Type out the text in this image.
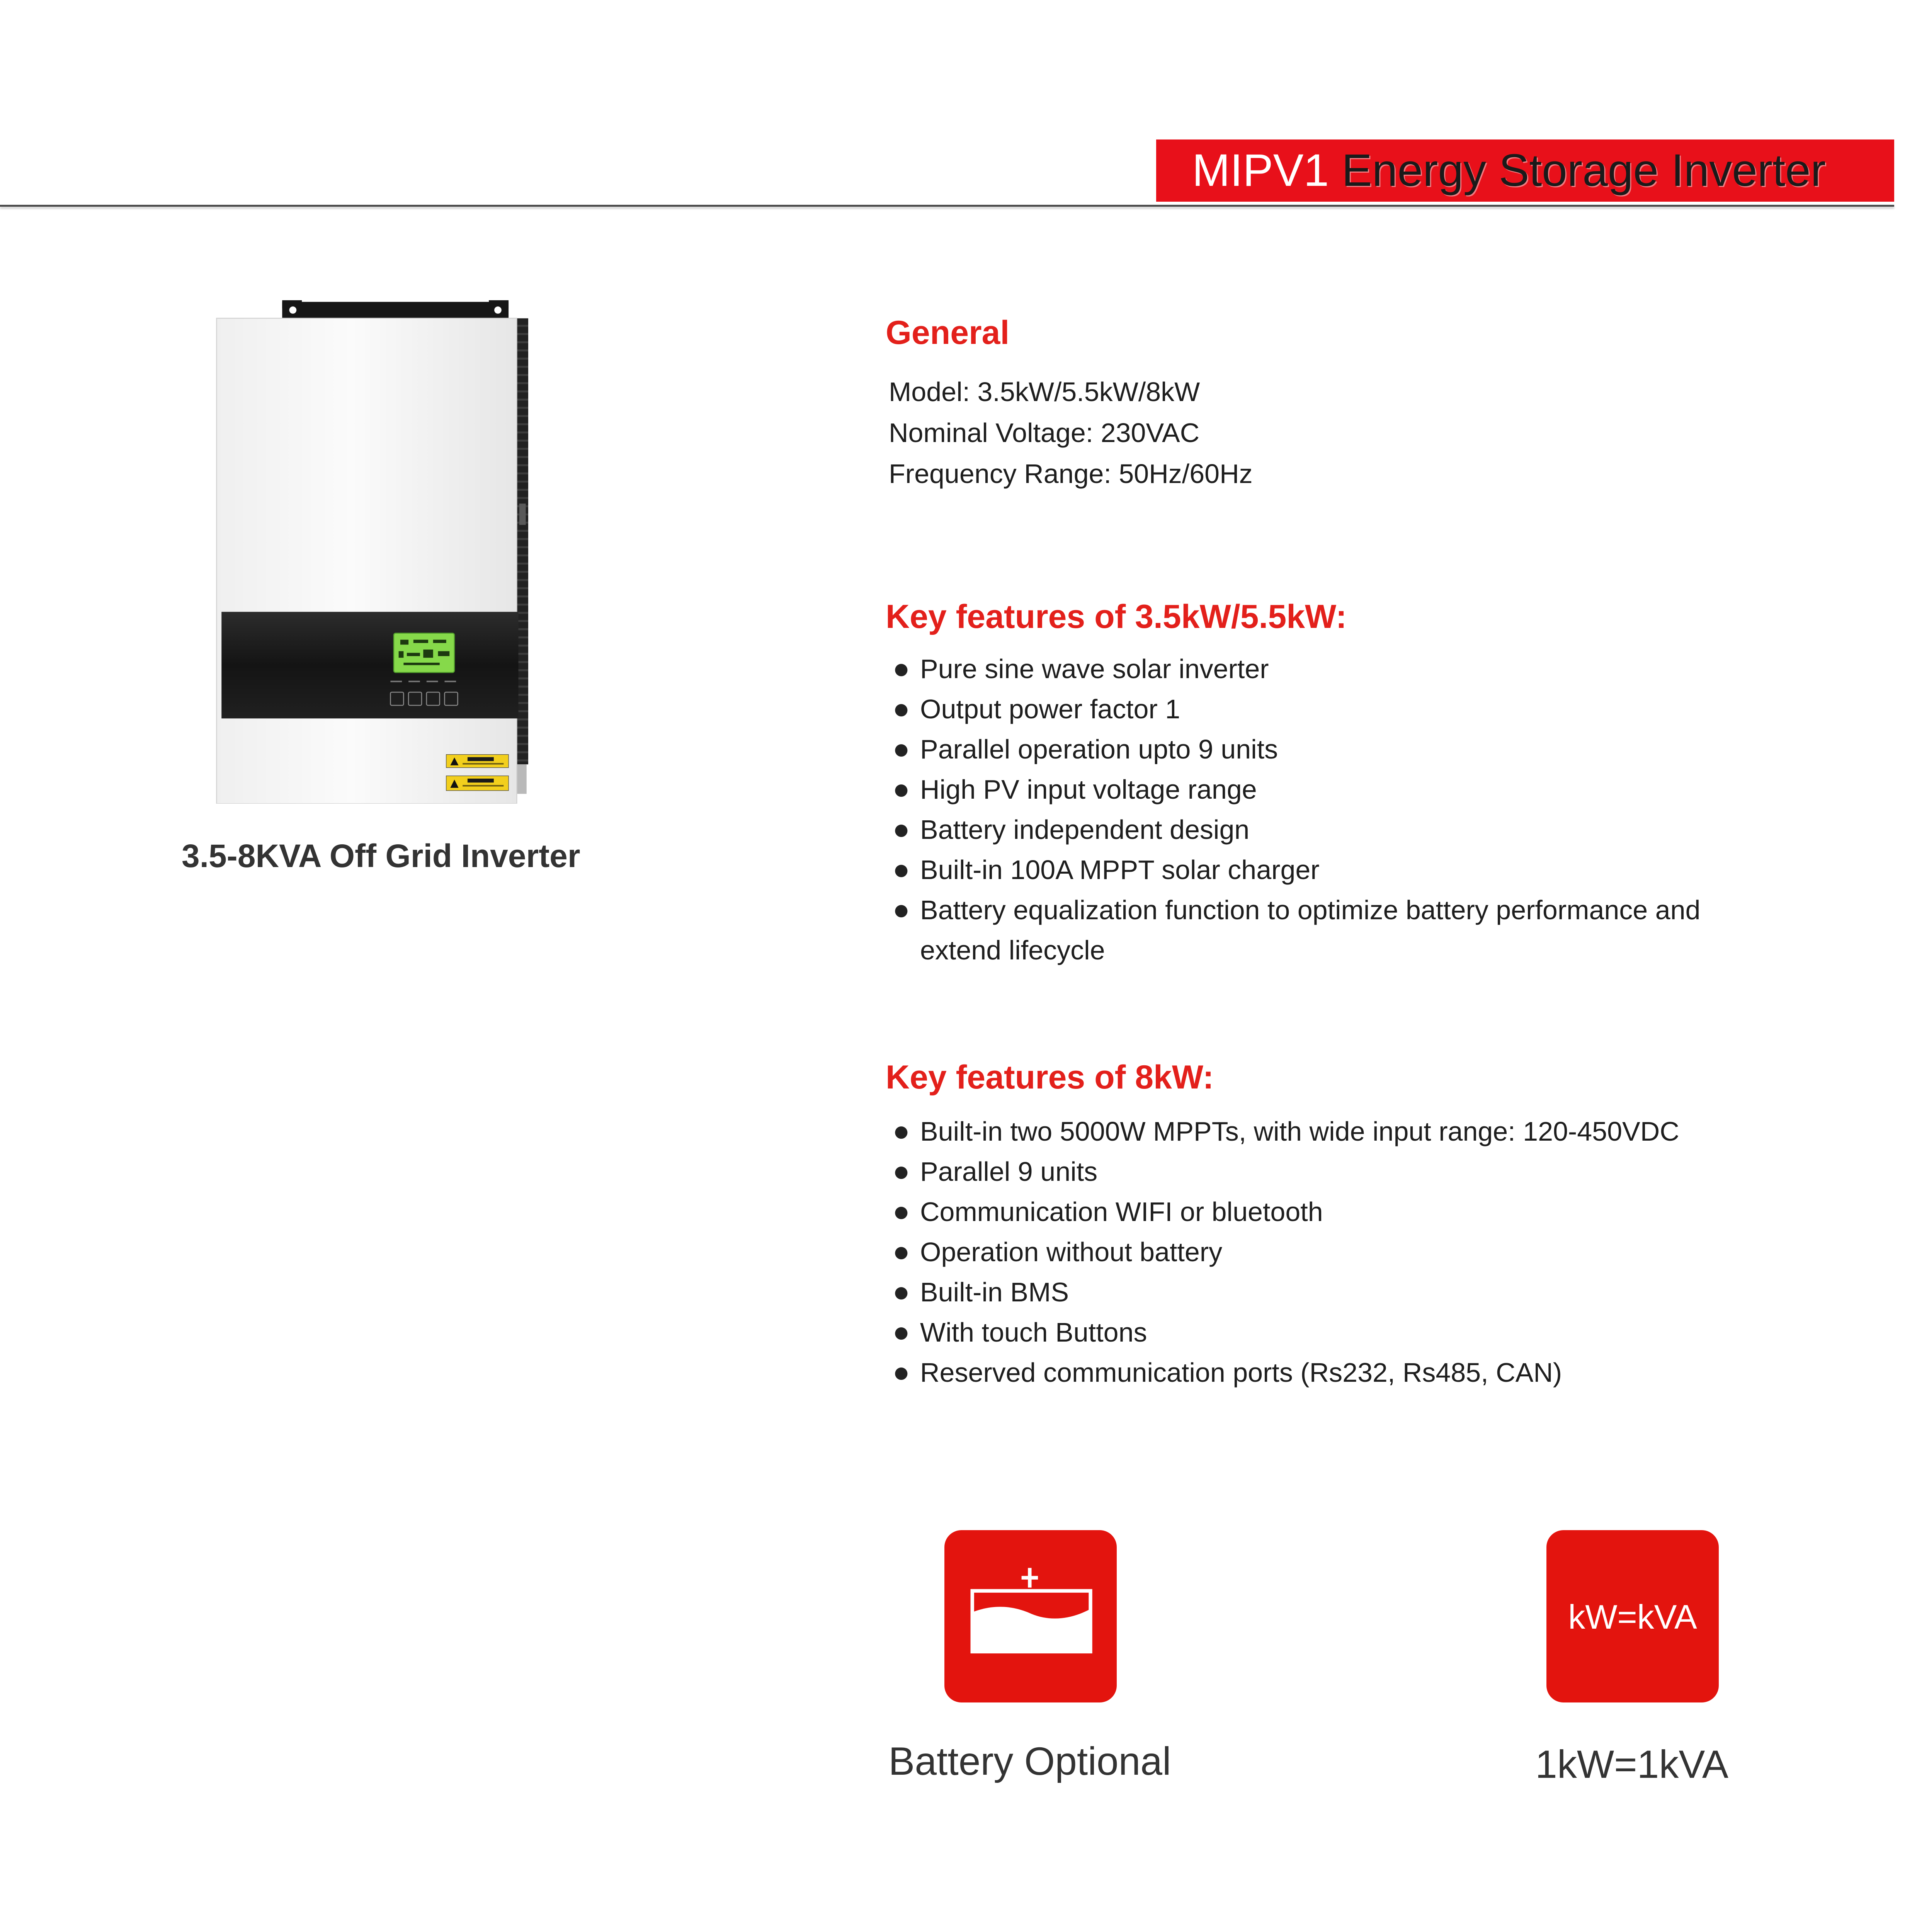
MIPV1 Energy Storage Inverter
3.5-8KVA Off Grid Inverter
General
Model: 3.5kW/5.5kW/8kW
Nominal Voltage: 230VAC
Frequency Range: 50Hz/60Hz
Key features of 3.5kW/5.5kW:
● Pure sine wave solar inverter
● Output power factor 1
● Parallel operation upto 9 units
● High PV input voltage range
● Battery independent design
● Built-in 100A MPPT solar charger
● Battery equalization function to optimize battery performance and
extend lifecycle
Key features of 8kW:
● Built-in two 5000W MPPTs, with wide input range: 120-450VDC
● Parallel 9 units
● Communication WIFI or bluetooth
● Operation without battery
● Built-in BMS
● With touch Buttons
● Reserved communication ports (Rs232, Rs485, CAN)
Battery Optional
kW=kVA
1kW=1kVA
